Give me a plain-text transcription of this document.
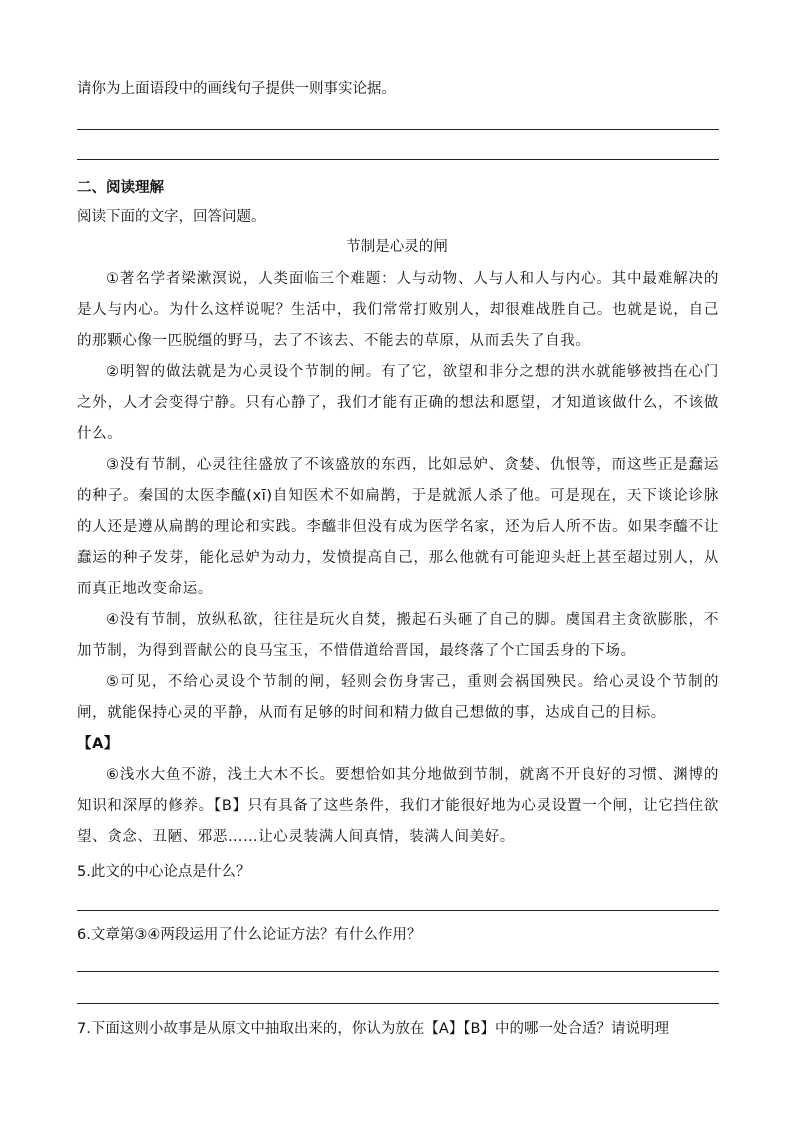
请你为上面语段中的画线句子提供一则事实论据。
二、阅读理解
阅读下面的文字，回答问题。
节制是心灵的闸

①著名学者梁漱溟说，人类面临三个难题：人与动物、人与人和人与内心。其中最难解决的是人与内心。为什么这样说呢？生活中，我们常常打败别人，却很难战胜自己。也就是说，自己的那颗心像一匹脱缰的野马，去了不该去、不能去的草原，从而丢失了自我。

②明智的做法就是为心灵设个节制的闸。有了它，欲望和非分之想的洪水就能够被挡在心门之外，人才会变得宁静。只有心静了，我们才能有正确的想法和愿望，才知道该做什么，不该做什么。

③没有节制，心灵往往盛放了不该盛放的东西，比如忌妒、贪婪、仇恨等，而这些正是蠢运的种子。秦国的太医李醯(xī)自知医术不如扁鹊，于是就派人杀了他。可是现在，天下谈论诊脉的人还是遵从扁鹊的理论和实践。李醯非但没有成为医学名家，还为后人所不齿。如果李醯不让蠢运的种子发芽，能化忌妒为动力，发愤提高自己，那么他就有可能迎头赶上甚至超过别人，从而真正地改变命运。

④没有节制，放纵私欲，往往是玩火自焚，搬起石头砸了自己的脚。虞国君主贪欲膨胀，不加节制，为得到晋献公的良马宝玉，不惜借道给晋国，最终落了个亡国丢身的下场。

⑤可见，不给心灵设个节制的闸，轻则会伤身害己，重则会祸国殃民。给心灵设个节制的闸，就能保持心灵的平静，从而有足够的时间和精力做自己想做的事，达成自己的目标。

【A】

⑥浅水大鱼不游，浅土大木不长。要想恰如其分地做到节制，就离不开良好的习惯、渊博的知识和深厚的修养。【B】只有具备了这些条件，我们才能很好地为心灵设置一个闸，让它挡住欲望、贪念、丑陋、邪恶……让心灵装满人间真情，装满人间美好。

5.此文的中心论点是什么？
6.文章第③④两段运用了什么论证方法？有什么作用？
7.下面这则小故事是从原文中抽取出来的，你认为放在【A】【B】中的哪一处合适？请说明理
